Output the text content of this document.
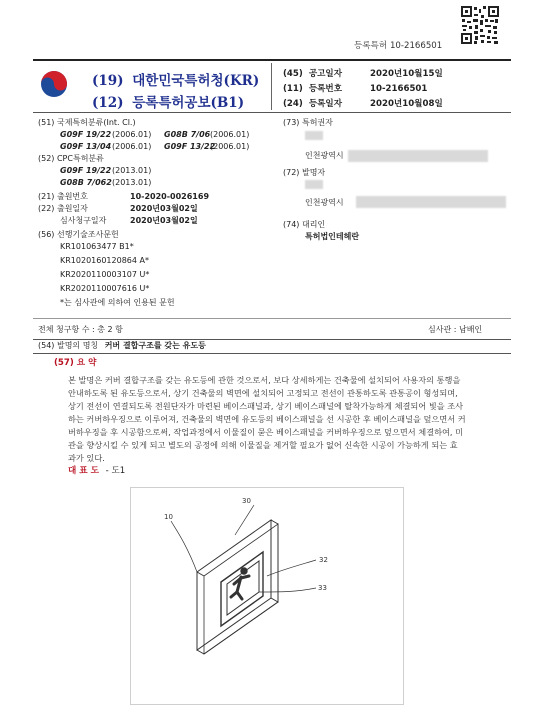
등록특허 10-2166501
(19) 대한민국특허청(KR)
(12) 등록특허공보(B1)
(45) 공고일자	2020년10월15일
(11) 등록번호	10-2166501
(24) 등록일자	2020년10월08일
(51) 국제특허분류(Int. Cl.)
G09F 19/22 (2006.01) G08B 7/06 (2006.01)
G09F 13/04 (2006.01) G09F 13/22
(2006.01)
(52) CPC특허분류
G09F 19/22 (2013.01)
G08B 7/062 (2013.01)
(21) 출원번호	10-2020-0026169
(22) 출원일자	2020년03월02일
심사청구일자	2020년03월02일
(56) 선행기술조사문헌
KR101063477 B1*
KR1020160120864 A*
KR2020110003107 U*
KR2020110007616 U*
*는 심사관에 의하여 인용된 문헌
(73) 특허권자
인천광역시
(72) 발명자
인천광역시
(74) 대리인
특허법인테헤란
전체 청구항 수 : 총 2 항	심사관 : 남배인
(54) 발명의 명칭 커버 결합구조를 갖는 유도등
(57) 요 약

본 발명은 커버 결합구조를 갖는 유도등에 관한 것으로서, 보다 상세하게는 건축물에 설치되어 사용자의 통행을

안내하도록 된 유도등으로서, 상기 건축물의 벽면에 설치되어 고정되고 전선이 관통하도록 관통공이 형성되며,

상기 전선이 연결되도록 전원단자가 마련된 베이스패널과, 상기 베이스패널에 탈착가능하게 체결되어 빛을 조사

하는 커버하우징으로 이루어져, 건축물의 벽면에 유도등의 베이스패널을 선 시공한 후 베이스패널을 덮으면서 커

버하우징을 후 시공함으로써, 작업과정에서 이물질이 묻은 베이스패널을 커버하우징으로 덮으면서 체결하여, 미

관을 향상시킬 수 있게 되고 별도의 공정에 의해 이물질을 제거할 필요가 없어 신속한 시공이 가능하게 되는 효

과가 있다.

대 표 도 - 도1
10
30
32
33
